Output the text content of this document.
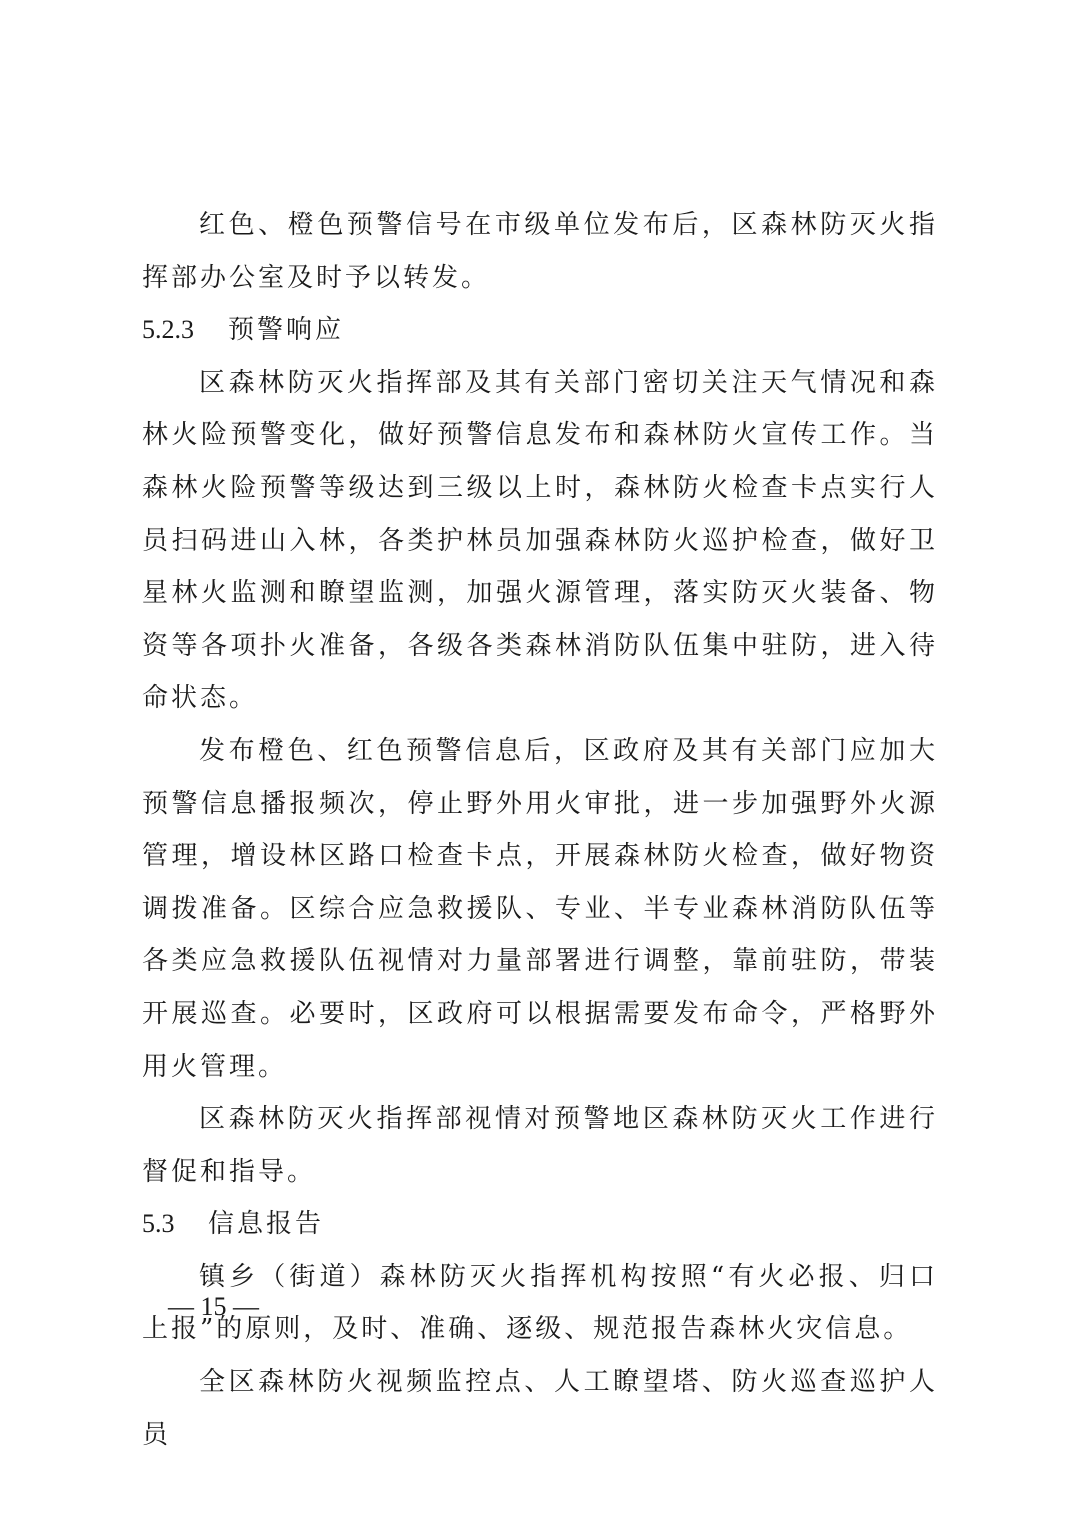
红色、橙色预警信号在市级单位发布后，区森林防灭火指挥部办公室及时予以转发。

5.2.3 预警响应

区森林防灭火指挥部及其有关部门密切关注天气情况和森林火险预警变化，做好预警信息发布和森林防火宣传工作。当森林火险预警等级达到三级以上时，森林防火检查卡点实行人员扫码进山入林，各类护林员加强森林防火巡护检查，做好卫星林火监测和瞭望监测，加强火源管理，落实防灭火装备、物资等各项扑火准备，各级各类森林消防队伍集中驻防，进入待命状态。

发布橙色、红色预警信息后，区政府及其有关部门应加大预警信息播报频次，停止野外用火审批，进一步加强野外火源管理，增设林区路口检查卡点，开展森林防火检查，做好物资调拨准备。区综合应急救援队、专业、半专业森林消防队伍等各类应急救援队伍视情对力量部署进行调整，靠前驻防，带装开展巡查。必要时，区政府可以根据需要发布命令，严格野外用火管理。

区森林防灭火指挥部视情对预警地区森林防灭火工作进行督促和指导。

5.3 信息报告

镇乡（街道）森林防灭火指挥机构按照“有火必报、归口上报”的原则，及时、准确、逐级、规范报告森林火灾信息。

全区森林防火视频监控点、人工瞭望塔、防火巡查巡护人员

— 15 —
